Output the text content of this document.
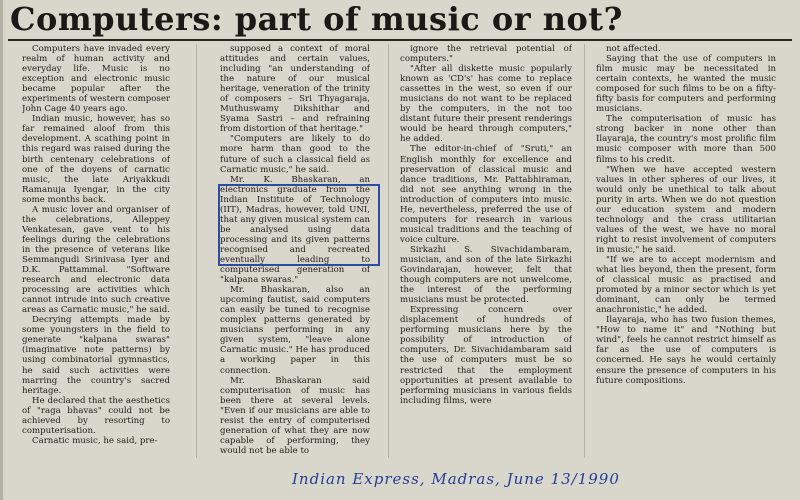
Computers: part of music or not?

Computers have invaded every realm of human activity and everyday life. Music is no exception and electronic music became popular after the experiments of western composer John Cage 40 years ago.

Indian music, however, has so far remained aloof from this development. A scathing point in this regard was raised during the birth centenary celebrations of one of the doyens of carnatic music, the late Ariyakkudi Ramanuja Iyengar, in the city some months back.

A music lover and organiser of the celebrations, Alleppey Venkatesan, gave vent to his feelings during the celebrations in the presence of veterans like Semmangudi Srinivasa Iyer and D.K. Pattammal. "Software research and electronic data processing are activities which cannot intrude into such creative areas as Carnatic music," he said.

Decrying attempts made by some youngsters in the field to generate "kalpana swaras" (imaginative note patterns) by using combinatorial gymnastics, he said such activities were marring the country's sacred heritage.

He declared that the aesthetics of "raga bhavas" could not be achieved by resorting to computerisation.

Carnatic music, he said, pre-

supposed a context of moral attitudes and certain values, including "an understanding of the nature of our musical heritage, veneration of the trinity of composers – Sri Thyagaraja, Muthuswamy Dikshithar and Syama Sastri – and refraining from distortion of that heritage."

"Computers are likely to do more harm than good to the future of such a classical field as Carnatic music," he said.

Mr. K. Bhaskaran, an electronics graduate from the Indian Institute of Technology (IIT), Madras, however, told UNI, that any given musical system can be analysed using data processing and its given patterns recognised and recreated eventually leading to computerised generation of "kalpana swaras."

Mr. Bhaskaran, also an upcoming fautist, said computers can easily be tuned to recognise complex patterns generated by musicians performing in any given system, "leave alone Carnatic music." He has produced a working paper in this connection.

Mr. Bhaskaran said computerisation of music has been there at several levels. "Even if our musicians are able to resist the entry of computerised generation of what they are now capable of performing, they would not be able to

ignore the retrieval potential of computers."

"After all diskette music popularly known as 'CD's' has come to replace cassettes in the west, so even if our musicians do not want to be replaced by the computers, in the not too distant future their present renderings would be heard through computers," he added.

The editor-in-chief of "Sruti," an English monthly for excellence and preservation of classical music and dance traditions, Mr. Pattabhiraman, did not see anything wrong in the introduction of computers into music. He, nevertheless, preferred the use of computers for research in various musical traditions and the teaching of voice culture.

Sirkazhi S. Sivachidambaram, musician, and son of the late Sirkazhi Govindarajan, however, felt that though computers are not unwelcome, the interest of the performing musicians must be protected.

Expressing concern over displacement of hundreds of performing musicians here by the possibility of introduction of computers, Dr. Sivachidambaram said the use of computers must be so restricted that the employment opportunities at present available to performing musicians in various fields including films, were

not affected.

Saying that the use of computers in film music may be necessitated in certain contexts, he wanted the music composed for such films to be on a fifty-fifty basis for computers and performing musicians.

The computerisation of music has strong backer in none other than Ilayaraja, the country's most prolific film music composer with more than 500 films to his credit.

"When we have accepted western values in other spheres of our lives, it would only be unethical to talk about purity in arts. When we do not question our education system and modern technology and the crass utilitarian values of the west, we have no moral right to resist involvement of computers in music," he said.

"If we are to accept modernism and what lies beyond, then the present, form of classical music as practised and promoted by a minor sector which is yet dominant, can only be termed anachronistic," he added.

Ilayaraja, who has two fusion themes, "How to name it" and "Nothing but wind", feels he cannot restrict himself as far as the use of computers is concerned. He says he would certainly ensure the presence of computers in his future compositions.

Indian Express, Madras, June 13/1990
